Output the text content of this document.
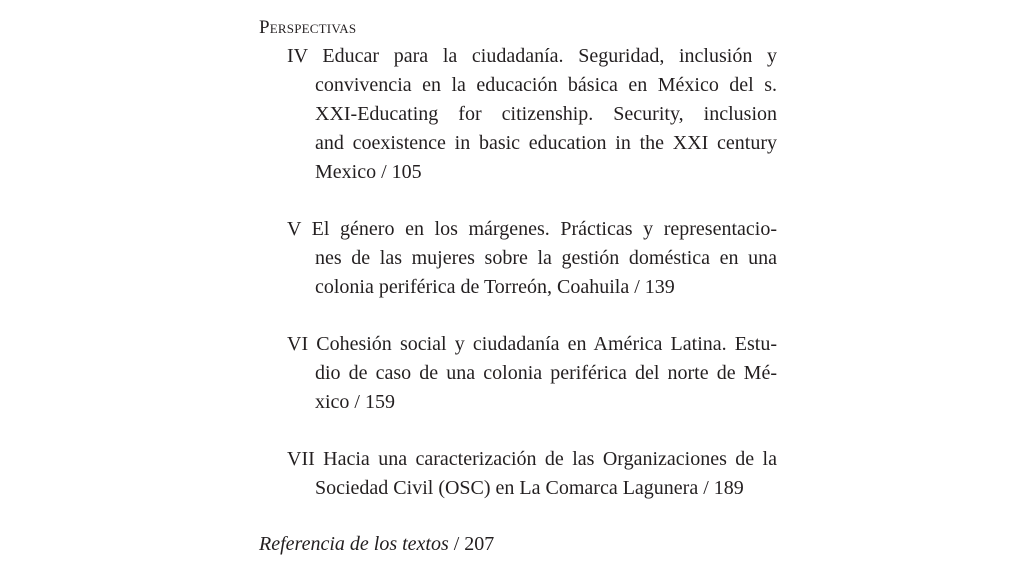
Perspectivas
IV Educar para la ciudadanía. Seguridad, inclusión y
convivencia en la educación básica en México del s.
XXI-Educating for citizenship. Security, inclusion
and coexistence in basic education in the XXI century
Mexico / 105
V El género en los márgenes. Prácticas y representacio-
nes de las mujeres sobre la gestión doméstica en una
colonia periférica de Torreón, Coahuila / 139
VI Cohesión social y ciudadanía en América Latina. Estu-
dio de caso de una colonia periférica del norte de Mé-
xico / 159
VII Hacia una caracterización de las Organizaciones de la
Sociedad Civil (OSC) en La Comarca Lagunera / 189
Referencia de los textos / 207
